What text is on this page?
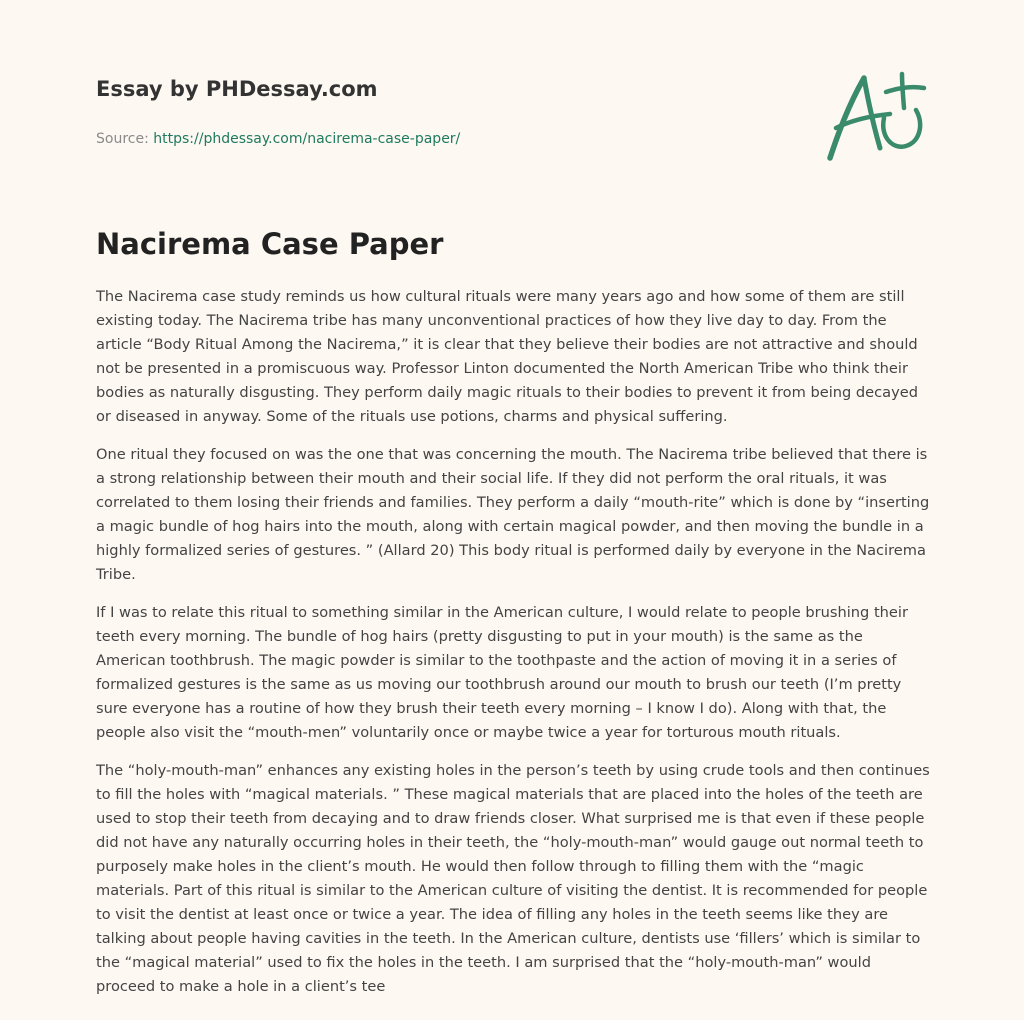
Essay by PHDessay.com
Source: https://phdessay.com/nacirema-case-paper/
Nacirema Case Paper

The Nacirema case study reminds us how cultural rituals were many years ago and how some of them are still existing today. The Nacirema tribe has many unconventional practices of how they live day to day. From the article “Body Ritual Among the Nacirema,” it is clear that they believe their bodies are not attractive and should not be presented in a promiscuous way. Professor Linton documented the North American Tribe who think their bodies as naturally disgusting. They perform daily magic rituals to their bodies to prevent it from being decayed or diseased in anyway. Some of the rituals use potions, charms and physical suffering.

One ritual they focused on was the one that was concerning the mouth. The Nacirema tribe believed that there is a strong relationship between their mouth and their social life. If they did not perform the oral rituals, it was correlated to them losing their friends and families. They perform a daily “mouth-rite” which is done by “inserting a magic bundle of hog hairs into the mouth, along with certain magical powder, and then moving the bundle in a highly formalized series of gestures. ” (Allard 20) This body ritual is performed daily by everyone in the Nacirema Tribe.

If I was to relate this ritual to something similar in the American culture, I would relate to people brushing their teeth every morning. The bundle of hog hairs (pretty disgusting to put in your mouth) is the same as the American toothbrush. The magic powder is similar to the toothpaste and the action of moving it in a series of formalized gestures is the same as us moving our toothbrush around our mouth to brush our teeth (I’m pretty sure everyone has a routine of how they brush their teeth every morning – I know I do). Along with that, the people also visit the “mouth-men” voluntarily once or maybe twice a year for torturous mouth rituals.

The “holy-mouth-man” enhances any existing holes in the person’s teeth by using crude tools and then continues to fill the holes with “magical materials. ” These magical materials that are placed into the holes of the teeth are used to stop their teeth from decaying and to draw friends closer. What surprised me is that even if these people did not have any naturally occurring holes in their teeth, the “holy-mouth-man” would gauge out normal teeth to purposely make holes in the client’s mouth. He would then follow through to filling them with the “magic materials. Part of this ritual is similar to the American culture of visiting the dentist. It is recommended for people to visit the dentist at least once or twice a year. The idea of filling any holes in the teeth seems like they are talking about people having cavities in the teeth. In the American culture, dentists use ‘fillers’ which is similar to the “magical material” used to fix the holes in the teeth. I am surprised that the “holy-mouth-man” would proceed to make a hole in a client’s tee
